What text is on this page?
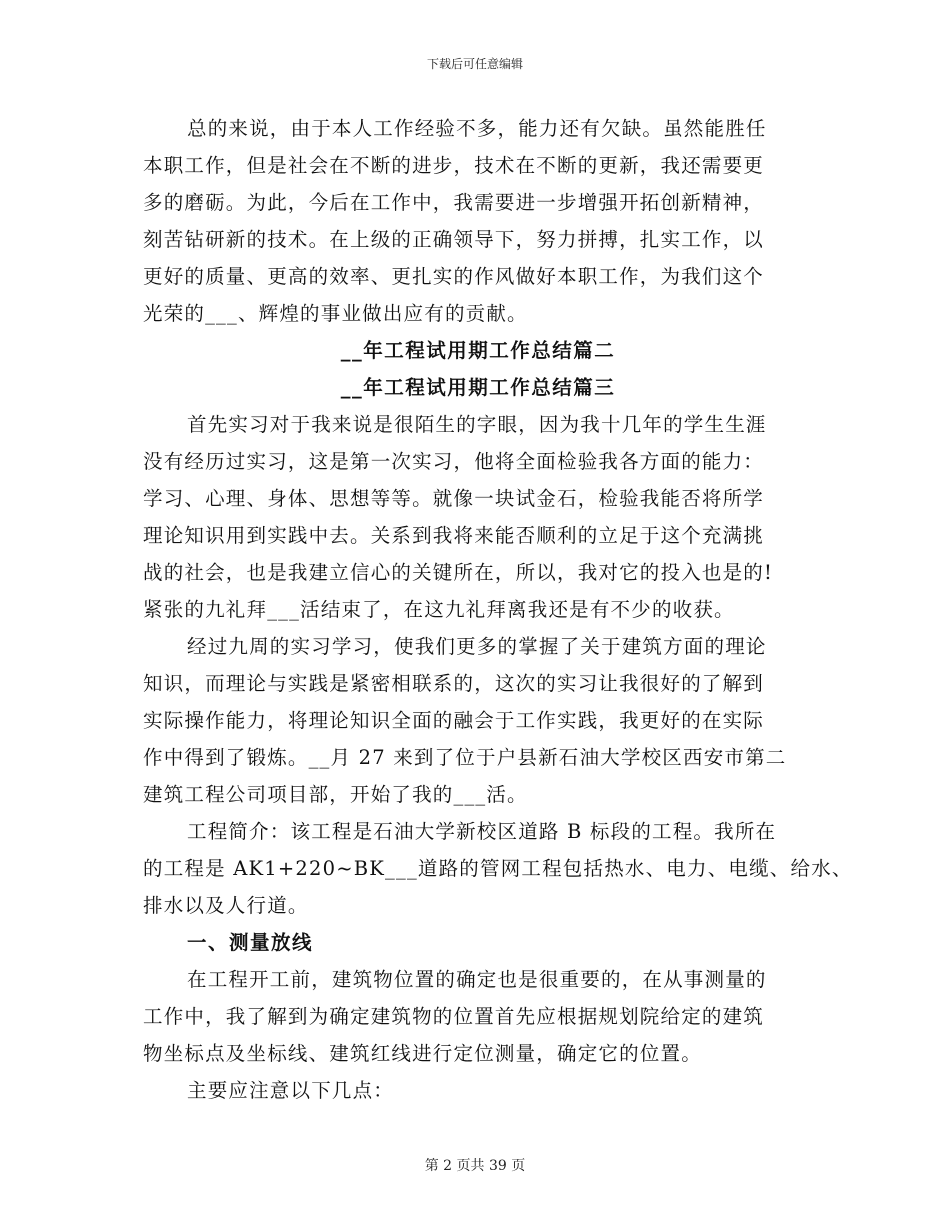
下载后可任意编辑
总的来说，由于本人工作经验不多，能力还有欠缺。虽然能胜任
本职工作，但是社会在不断的进步，技术在不断的更新，我还需要更
多的磨砺。为此，今后在工作中，我需要进一步增强开拓创新精神，
刻苦钻研新的技术。在上级的正确领导下，努力拼搏，扎实工作，以
更好的质量、更高的效率、更扎实的作风做好本职工作，为我们这个
光荣的___、辉煌的事业做出应有的贡献。
__年工程试用期工作总结篇二
__年工程试用期工作总结篇三
首先实习对于我来说是很陌生的字眼，因为我十几年的学生生涯
没有经历过实习，这是第一次实习，他将全面检验我各方面的能力：
学习、心理、身体、思想等等。就像一块试金石，检验我能否将所学
理论知识用到实践中去。关系到我将来能否顺利的立足于这个充满挑
战的社会，也是我建立信心的关键所在，所以，我对它的投入也是的!
紧张的九礼拜___活结束了，在这九礼拜离我还是有不少的收获。
经过九周的实习学习，使我们更多的掌握了关于建筑方面的理论
知识，而理论与实践是紧密相联系的，这次的实习让我很好的了解到
实际操作能力，将理论知识全面的融会于工作实践，我更好的在实际
作中得到了锻炼。__月 27 来到了位于户县新石油大学校区西安市第二
建筑工程公司项目部，开始了我的___活。
工程简介：该工程是石油大学新校区道路 B 标段的工程。我所在
的工程是 AK1+220~BK___道路的管网工程包括热水、电力、电缆、给水、
排水以及人行道。
一、测量放线
在工程开工前，建筑物位置的确定也是很重要的，在从事测量的
工作中，我了解到为确定建筑物的位置首先应根据规划院给定的建筑
物坐标点及坐标线、建筑红线进行定位测量，确定它的位置。
主要应注意以下几点：
第 2 页共 39 页
